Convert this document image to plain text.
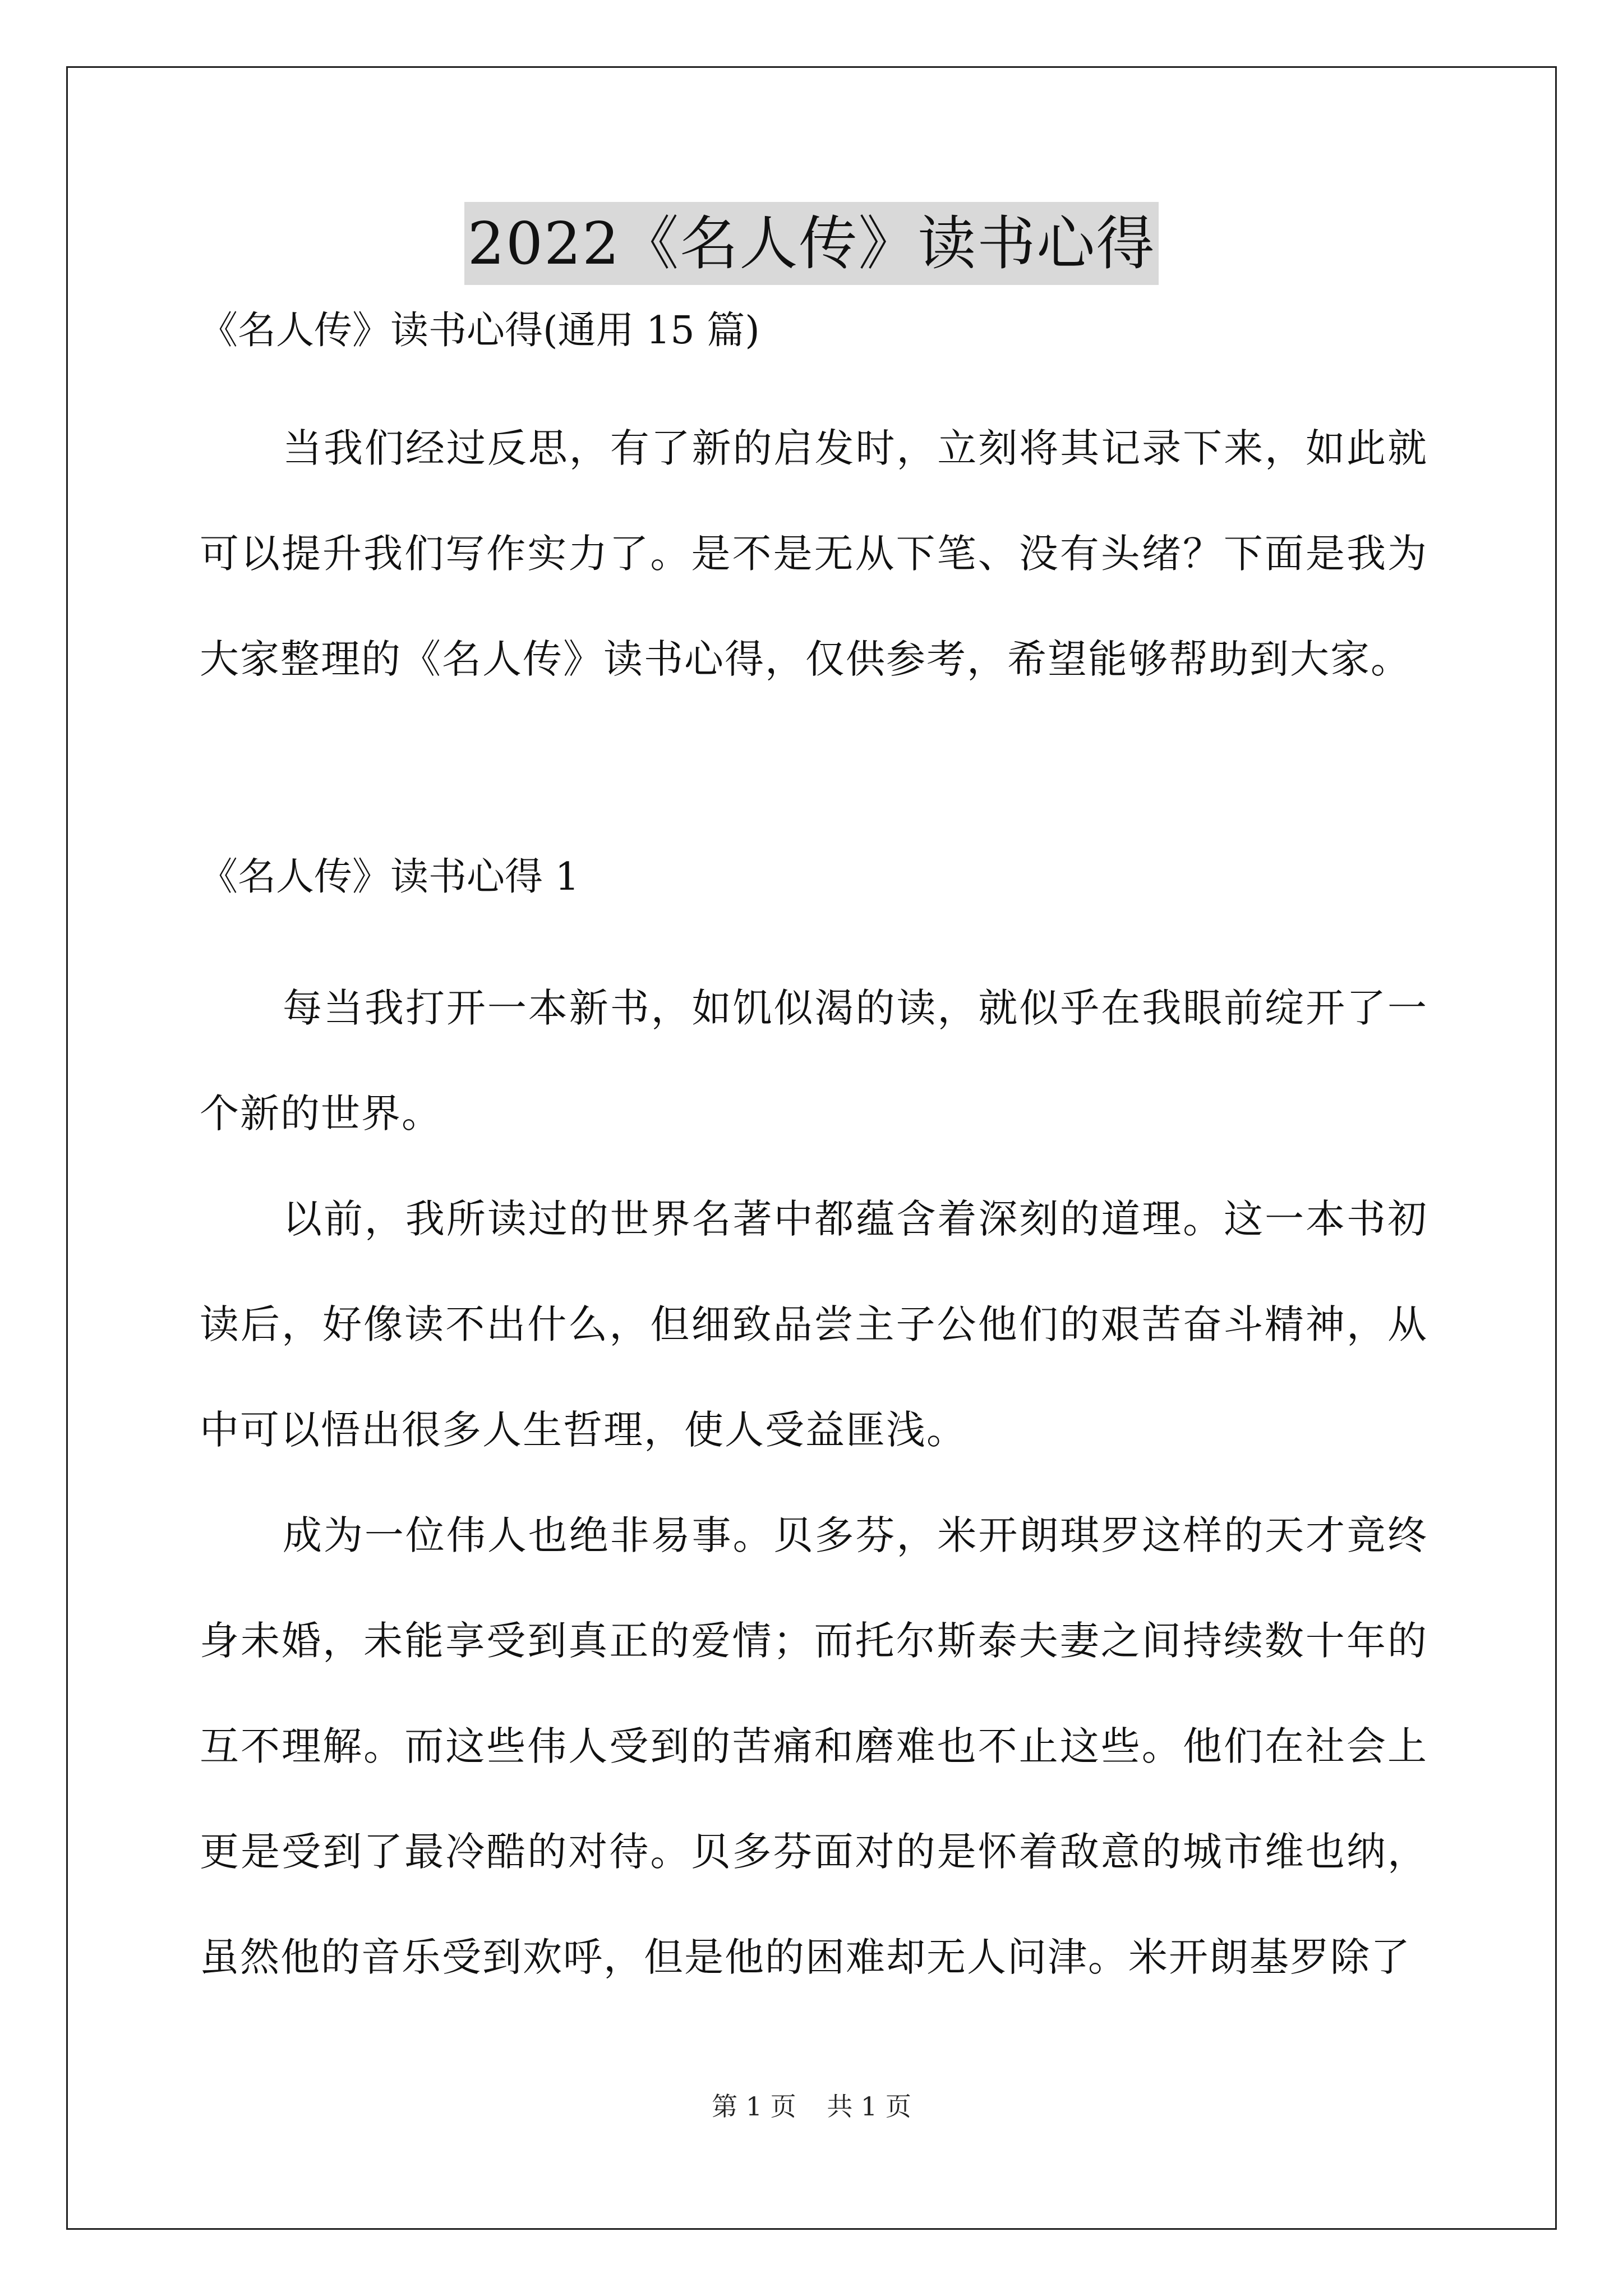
2022《名人传》读书心得

《名人传》读书心得(通用 15 篇)

当我们经过反思，有了新的启发时，立刻将其记录下来，如此就可以提升我们写作实力了。是不是无从下笔、没有头绪？下面是我为大家整理的《名人传》读书心得，仅供参考，希望能够帮助到大家。

《名人传》读书心得 1

每当我打开一本新书，如饥似渴的读，就似乎在我眼前绽开了一个新的世界。

以前，我所读过的世界名著中都蕴含着深刻的道理。这一本书初读后，好像读不出什么，但细致品尝主子公他们的艰苦奋斗精神，从中可以悟出很多人生哲理，使人受益匪浅。

成为一位伟人也绝非易事。贝多芬，米开朗琪罗这样的天才竟终身未婚，未能享受到真正的爱情；而托尔斯泰夫妻之间持续数十年的互不理解。而这些伟人受到的苦痛和磨难也不止这些。他们在社会上更是受到了最冷酷的对待。贝多芬面对的是怀着敌意的城市维也纳，虽然他的音乐受到欢呼，但是他的困难却无人问津。米开朗基罗除了

第 1 页 共 1 页
